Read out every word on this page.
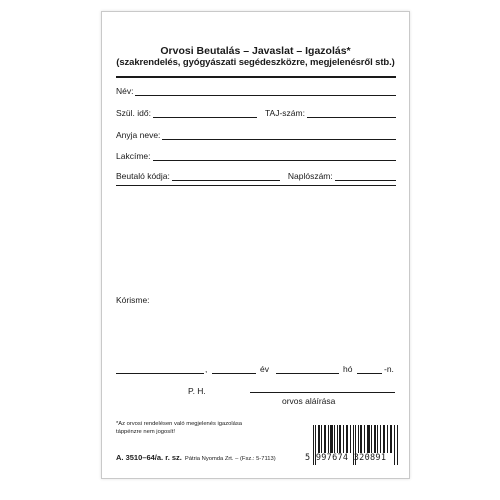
Orvosi Beutalás – Javaslat – Igazolás*
(szakrendelés, gyógyászati segédeszközre, megjelenésről stb.)
Név:
Szül. idő:	TAJ-szám:
Anyja neve:
Lakcíme:
Beutaló kódja:	Naplószám:
Kórisme:
,	év	hó	-n.
P. H.
orvos aláírása
*Az orvosi rendelésen való megjelenés igazolása táppénzre nem jogosít!
A. 3510–64/a. r. sz. Pátria Nyomda Zrt. – (Fsz.: 5-7113)	5 997674 320891
